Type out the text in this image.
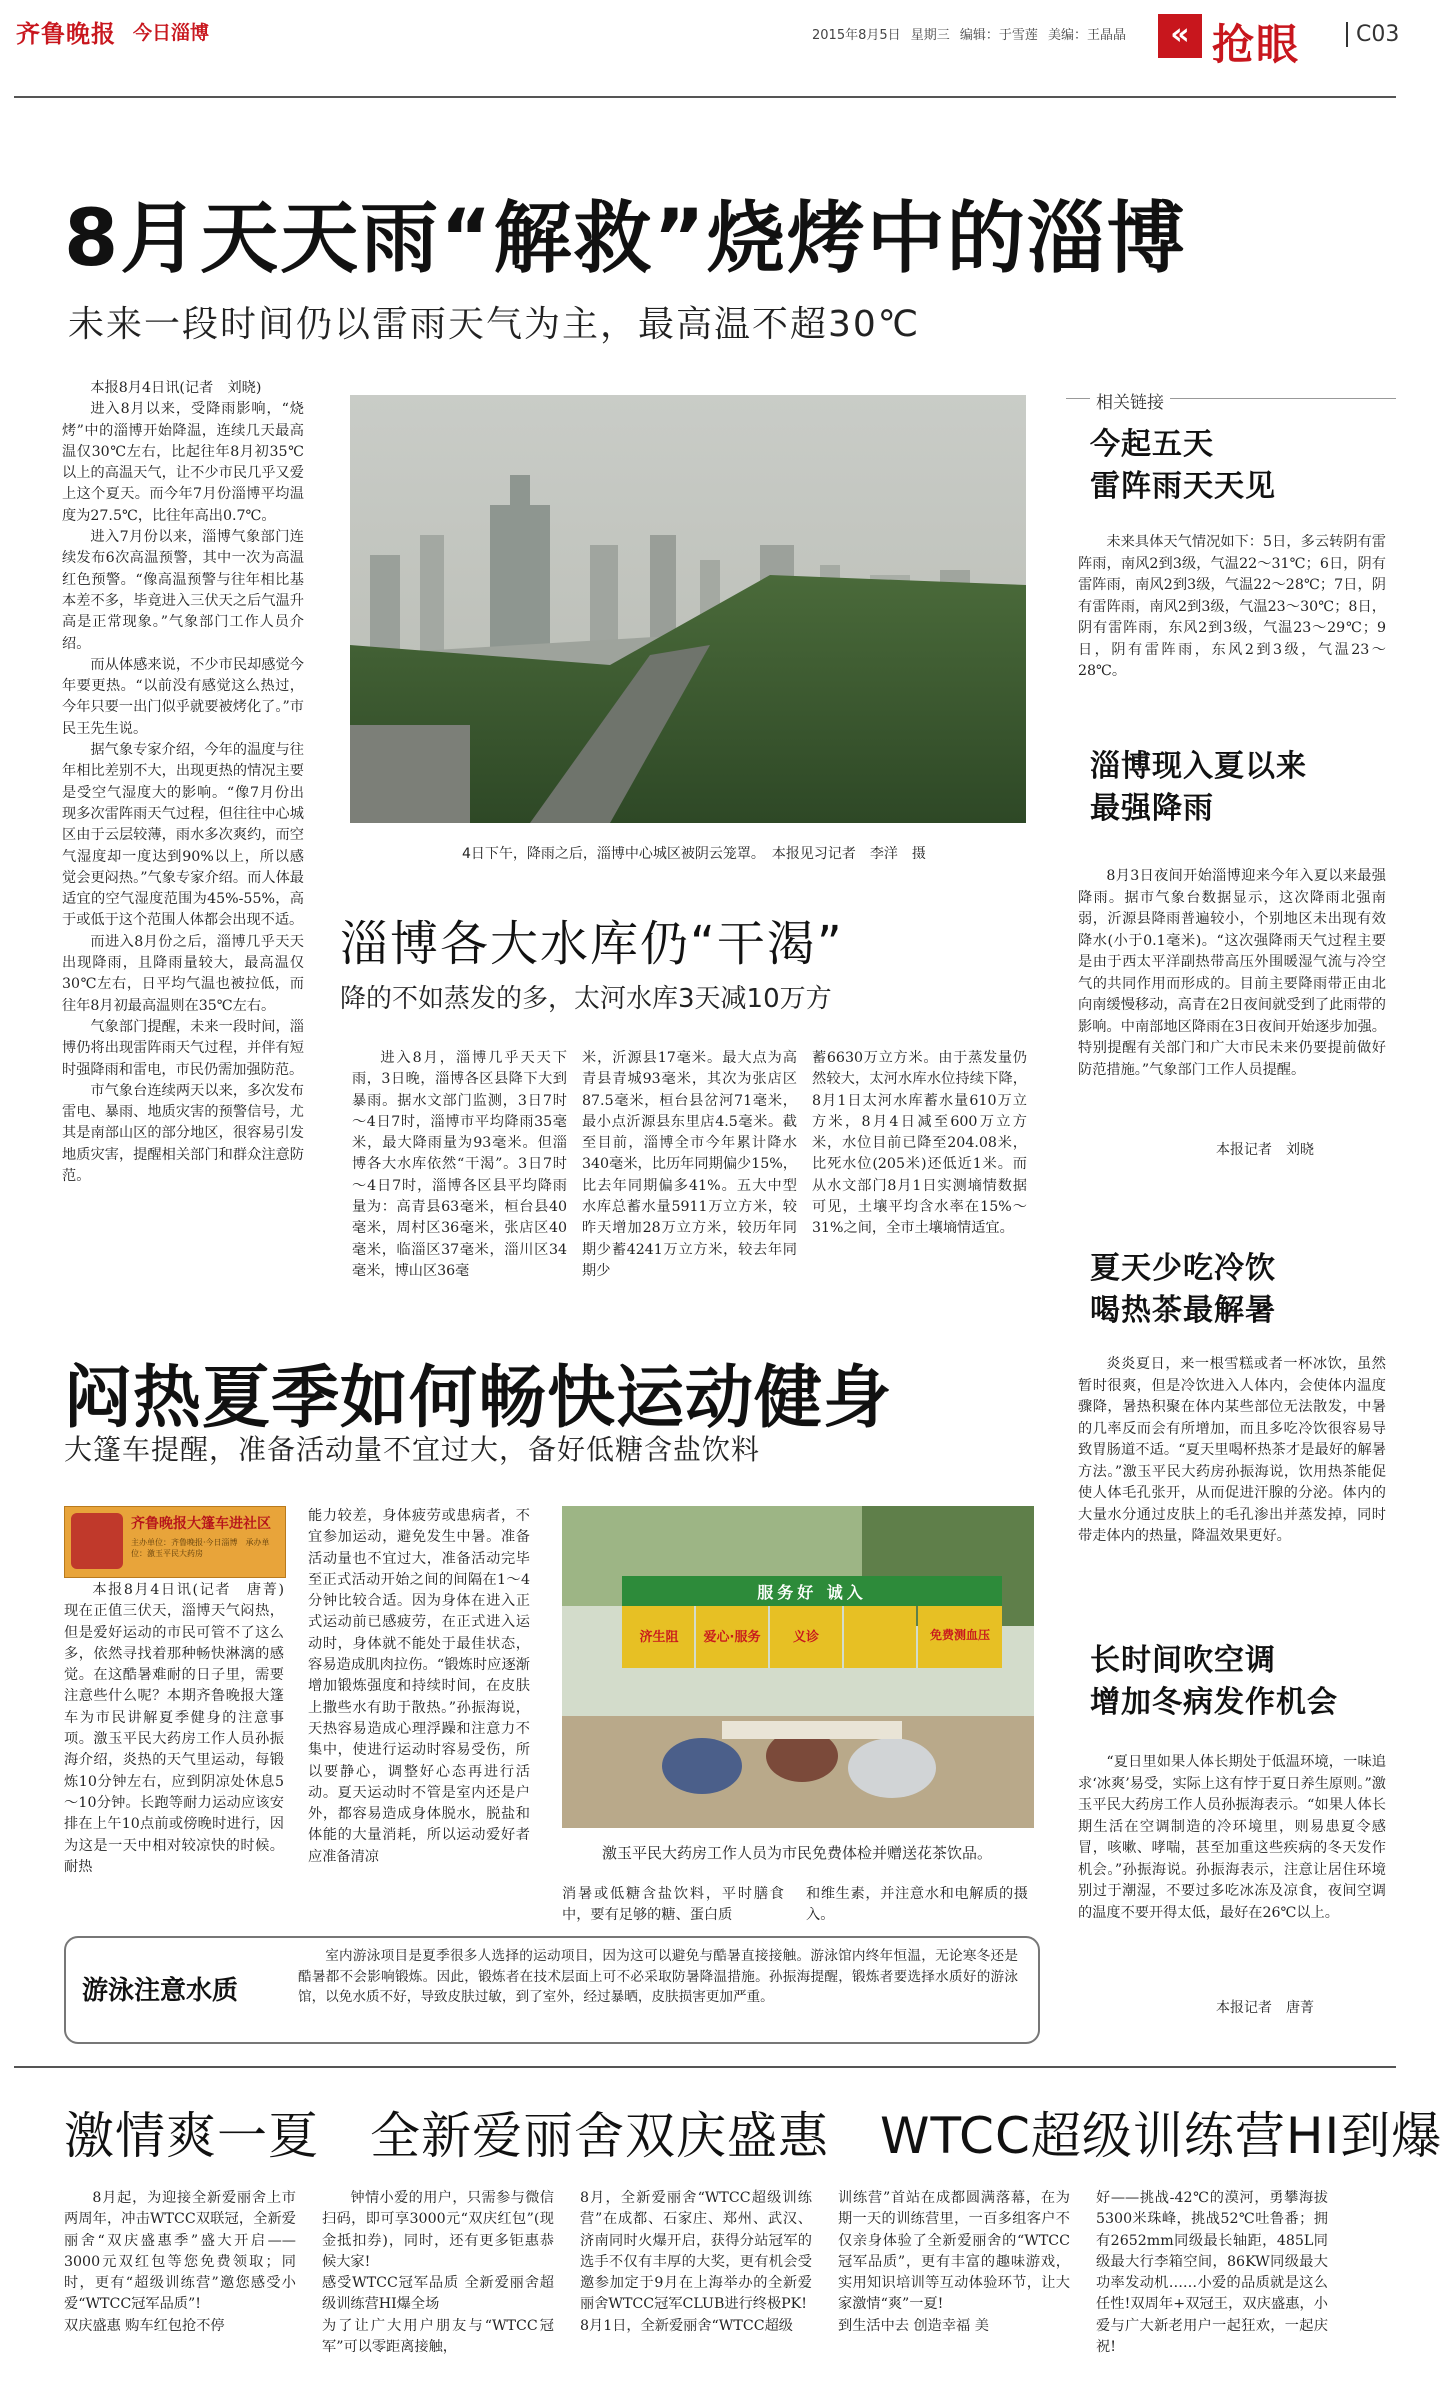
齐鲁晚报 今日淄博	2015年8月5日 星期三 编辑：于雪莲 美编：王晶晶	« 抢眼	C03
8月天天雨“解救”烧烤中的淄博
未来一段时间仍以雷雨天气为主，最高温不超30℃

本报8月4日讯(记者　刘晓)

进入8月以来，受降雨影响，“烧烤”中的淄博开始降温，连续几天最高温仅30℃左右，比起往年8月初35℃以上的高温天气，让不少市民几乎又爱上这个夏天。而今年7月份淄博平均温度为27.5℃，比往年高出0.7℃。

进入7月份以来，淄博气象部门连续发布6次高温预警，其中一次为高温红色预警。“像高温预警与往年相比基本差不多，毕竟进入三伏天之后气温升高是正常现象。”气象部门工作人员介绍。

而从体感来说，不少市民却感觉今年要更热。“以前没有感觉这么热过，今年只要一出门似乎就要被烤化了。”市民王先生说。

据气象专家介绍，今年的温度与往年相比差别不大，出现更热的情况主要是受空气湿度大的影响。“像7月份出现多次雷阵雨天气过程，但往往中心城区由于云层较薄，雨水多次爽约，而空气湿度却一度达到90%以上，所以感觉会更闷热。”气象专家介绍。而人体最适宜的空气湿度范围为45%-55%，高于或低于这个范围人体都会出现不适。

而进入8月份之后，淄博几乎天天出现降雨，且降雨量较大，最高温仅30℃左右，日平均气温也被拉低，而往年8月初最高温则在35℃左右。

气象部门提醒，未来一段时间，淄博仍将出现雷阵雨天气过程，并伴有短时强降雨和雷电，市民仍需加强防范。

市气象台连续两天以来，多次发布雷电、暴雨、地质灾害的预警信号，尤其是南部山区的部分地区，很容易引发地质灾害，提醒相关部门和群众注意防范。

4日下午，降雨之后，淄博中心城区被阴云笼罩。　本报见习记者　李洋　摄
淄博各大水库仍“干渴”
降的不如蒸发的多，太河水库3天减10万方

进入8月，淄博几乎天天下雨，3日晚，淄博各区县降下大到暴雨。据水文部门监测，3日7时～4日7时，淄博市平均降雨35毫米，最大降雨量为93毫米。但淄博各大水库依然“干渴”。3日7时～4日7时，淄博各区县平均降雨量为：高青县63毫米，桓台县40毫米，周村区36毫米，张店区40毫米，临淄区37毫米，淄川区34毫米，博山区36毫

米，沂源县17毫米。最大点为高青县青城93毫米，其次为张店区87.5毫米，桓台县岔河71毫米，最小点沂源县东里店4.5毫米。截至目前，淄博全市今年累计降水340毫米，比历年同期偏少15%，比去年同期偏多41%。五大中型水库总蓄水量5911万立方米，较昨天增加28万立方米，较历年同期少蓄4241万立方米，较去年同期少

蓄6630万立方米。由于蒸发量仍然较大，太河水库水位持续下降，8月1日太河水库蓄水量610万立方米，8月4日减至600万立方米，水位目前已降至204.08米，比死水位(205米)还低近1米。而从水文部门8月1日实测墒情数据可见，土壤平均含水率在15%～31%之间，全市土壤墒情适宜。

相关链接
今起五天
雷阵雨天天见

未来具体天气情况如下：5日，多云转阴有雷阵雨，南风2到3级，气温22～31℃；6日，阴有雷阵雨，南风2到3级，气温22～28℃；7日，阴有雷阵雨，南风2到3级，气温23～30℃；8日，阴有雷阵雨，东风2到3级，气温23～29℃；9日，阴有雷阵雨，东风2到3级，气温23～28℃。

淄博现入夏以来
最强降雨

8月3日夜间开始淄博迎来今年入夏以来最强降雨。据市气象台数据显示，这次降雨北强南弱，沂源县降雨普遍较小，个别地区未出现有效降水(小于0.1毫米)。“这次强降雨天气过程主要是由于西太平洋副热带高压外围暖湿气流与冷空气的共同作用而形成的。目前主要降雨带正由北向南缓慢移动，高青在2日夜间就受到了此雨带的影响。中南部地区降雨在3日夜间开始逐步加强。特别提醒有关部门和广大市民未来仍要提前做好防范措施。”气象部门工作人员提醒。

本报记者　刘晓
夏天少吃冷饮
喝热茶最解暑

炎炎夏日，来一根雪糕或者一杯冰饮，虽然暂时很爽，但是冷饮进入人体内，会使体内温度骤降，暑热积聚在体内某些部位无法散发，中暑的几率反而会有所增加，而且多吃冷饮很容易导致胃肠道不适。“夏天里喝杯热茶才是最好的解暑方法。”激玉平民大药房孙振海说，饮用热茶能促使人体毛孔张开，从而促进汗腺的分泌。体内的大量水分通过皮肤上的毛孔渗出并蒸发掉，同时带走体内的热量，降温效果更好。

长时间吹空调
增加冬病发作机会

“夏日里如果人体长期处于低温环境，一味追求‘冰爽’易受，实际上这有悖于夏日养生原则。”激玉平民大药房工作人员孙振海表示。“如果人体长期生活在空调制造的冷环境里，则易患夏令感冒，咳嗽、哮喘，甚至加重这些疾病的冬天发作机会。”孙振海说。孙振海表示，注意让居住环境别过于潮湿，不要过多吃冰冻及凉食，夜间空调的温度不要开得太低，最好在26℃以上。

本报记者　唐菁
闷热夏季如何畅快运动健身
大篷车提醒，准备活动量不宜过大，备好低糖含盐饮料
齐鲁晚报大篷车进社区
主办单位：齐鲁晚报·今日淄博　承办单位：激玉平民大药房

本报8月4日讯(记者　唐菁)　现在正值三伏天，淄博天气闷热，但是爱好运动的市民可管不了这么多，依然寻找着那种畅快淋漓的感觉。在这酷暑难耐的日子里，需要注意些什么呢？本期齐鲁晚报大篷车为市民讲解夏季健身的注意事项。激玉平民大药房工作人员孙振海介绍，炎热的天气里运动，每锻炼10分钟左右，应到阴凉处休息5～10分钟。长跑等耐力运动应该安排在上午10点前或傍晚时进行，因为这是一天中相对较凉快的时候。耐热

能力较差，身体疲劳或患病者，不宜参加运动，避免发生中暑。准备活动量也不宜过大，准备活动完毕至正式活动开始之间的间隔在1～4分钟比较合适。因为身体在进入正式运动前已感疲劳，在正式进入运动时，身体就不能处于最佳状态，容易造成肌肉拉伤。“锻炼时应逐渐增加锻炼强度和持续时间，在皮肤上撒些水有助于散热。”孙振海说，天热容易造成心理浮躁和注意力不集中，使进行运动时容易受伤，所以要静心，调整好心态再进行活动。夏天运动时不管是室内还是户外，都容易造成身体脱水，脱盐和体能的大量消耗，所以运动爱好者应准备清凉

服务好 诚入
济生阻	爱心·服务	义诊	免费测血压
激玉平民大药房工作人员为市民免费体检并赠送花茶饮品。

消暑或低糖含盐饮料，平时膳食中，要有足够的糖、蛋白质

和维生素，并注意水和电解质的摄入。

游泳注意水质

室内游泳项目是夏季很多人选择的运动项目，因为这可以避免与酷暑直接接触。游泳馆内终年恒温，无论寒冬还是酷暑都不会影响锻炼。因此，锻炼者在技术层面上可不必采取防暑降温措施。孙振海提醒，锻炼者要选择水质好的游泳馆，以免水质不好，导致皮肤过敏，到了室外，经过暴晒，皮肤损害更加严重。

激情爽一夏　全新爱丽舍双庆盛惠　WTCC超级训练营HI到爆

8月起，为迎接全新爱丽舍上市两周年，冲击WTCC双联冠，全新爱丽舍“双庆盛惠季”盛大开启——3000元双红包等您免费领取；同时，更有“超级训练营”邀您感受小爱“WTCC冠军品质”!
双庆盛惠 购车红包抢不停

钟情小爱的用户，只需参与微信扫码，即可享3000元“双庆红包”(现金抵扣券)，同时，还有更多钜惠恭候大家!
感受WTCC冠军品质 全新爱丽舍超级训练营HI爆全场
为了让广大用户朋友与“WTCC冠军”可以零距离接触，

8月，全新爱丽舍“WTCC超级训练营”在成都、石家庄、郑州、武汉、济南同时火爆开启，获得分站冠军的选手不仅有丰厚的大奖，更有机会受邀参加定于9月在上海举办的全新爱丽舍WTCC冠军CLUB进行终极PK!
8月1日，全新爱丽舍“WTCC超级

训练营”首站在成都圆满落幕，在为期一天的训练营里，一百多组客户不仅亲身体验了全新爱丽舍的“WTCC冠军品质”，更有丰富的趣味游戏，实用知识培训等互动体验环节，让大家激情“爽”一夏!
到生活中去 创造幸福 美

好——挑战-42℃的漠河，勇攀海拔5300米珠峰，挑战52℃吐鲁番；拥有2652mm同级最长轴距，485L同级最大行李箱空间，86KW同级最大功率发动机……小爱的品质就是这么任性!双周年+双冠王，双庆盛惠，小爱与广大新老用户一起狂欢，一起庆祝!
